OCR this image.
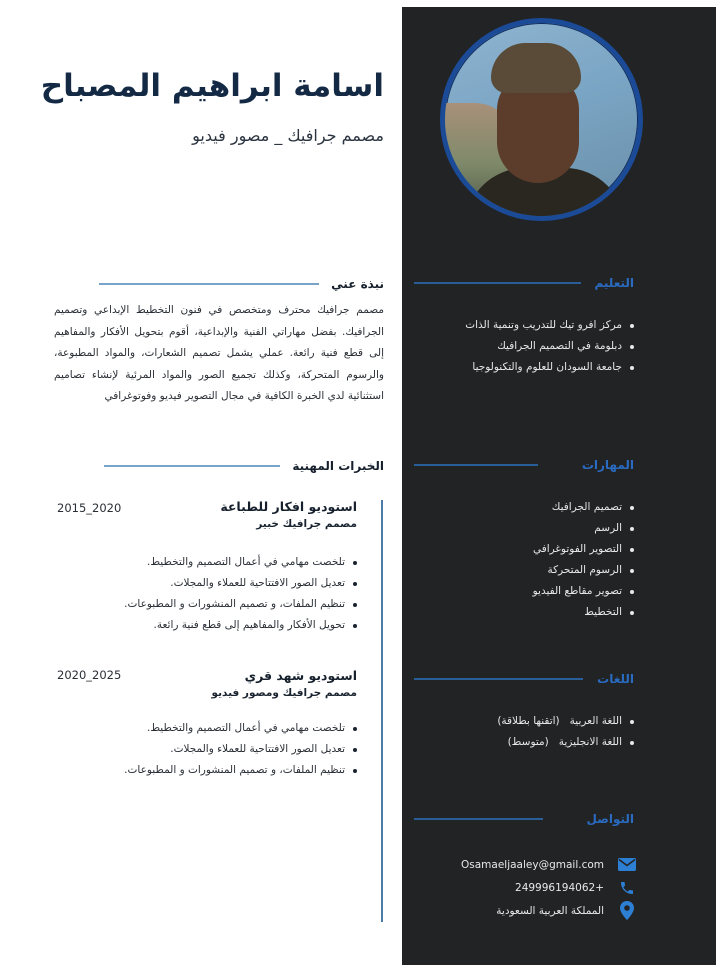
اسامة ابراهيم المصباح
مصمم جرافيك _ مصور فيديو
نبذة عني

مصمم جرافيك محترف ومتخصص في فنون التخطيط الإبداعي وتصميم الجرافيك. بفضل مهاراتي الفنية والإبداعية، أقوم بتحويل الأفكار والمفاهيم إلى قطع فنية رائعة. عملي يشمل تصميم الشعارات، والمواد المطبوعة، والرسوم المتحركة، وكذلك تجميع الصور والمواد المرئية لإنشاء تصاميم استثنائية لدي الخبرة الكافية في مجال التصوير فيديو وفوتوغرافي

الخبرات المهنية
استوديو افكار للطباعة
2020_2015
مصمم جرافيك خبير
تلخصت مهامي في أعمال التصميم والتخطيط.
تعديل الصور الافتتاحية للعملاء والمجلات.
تنظيم الملفات، و تصميم المنشورات و المطبوعات.
تحويل الأفكار والمفاهيم إلى قطع فنية رائعة.
استوديو شهد قري
2025_2020
مصمم جرافيك ومصور فيديو
تلخصت مهامي في أعمال التصميم والتخطيط.
تعديل الصور الافتتاحية للعملاء والمجلات.
تنظيم الملفات، و تصميم المنشورات و المطبوعات.
التعليم
مركز افرو تيك للتدريب وتنمية الذات
دبلومة في التصميم الجرافيك
جامعة السودان للعلوم والتكنولوجيا
المهارات
تصميم الجرافيك
الرسم
التصوير الفوتوغرافي
الرسوم المتحركة
تصوير مقاطع الفيديو
التخطيط
اللغات
اللغة العربية   (اتقنها بطلاقة)
اللغة الانجليزية   (متوسط)
التواصل
Osamaeljaaley@gmail.com
+249996194062
المملكة العربية السعودية
